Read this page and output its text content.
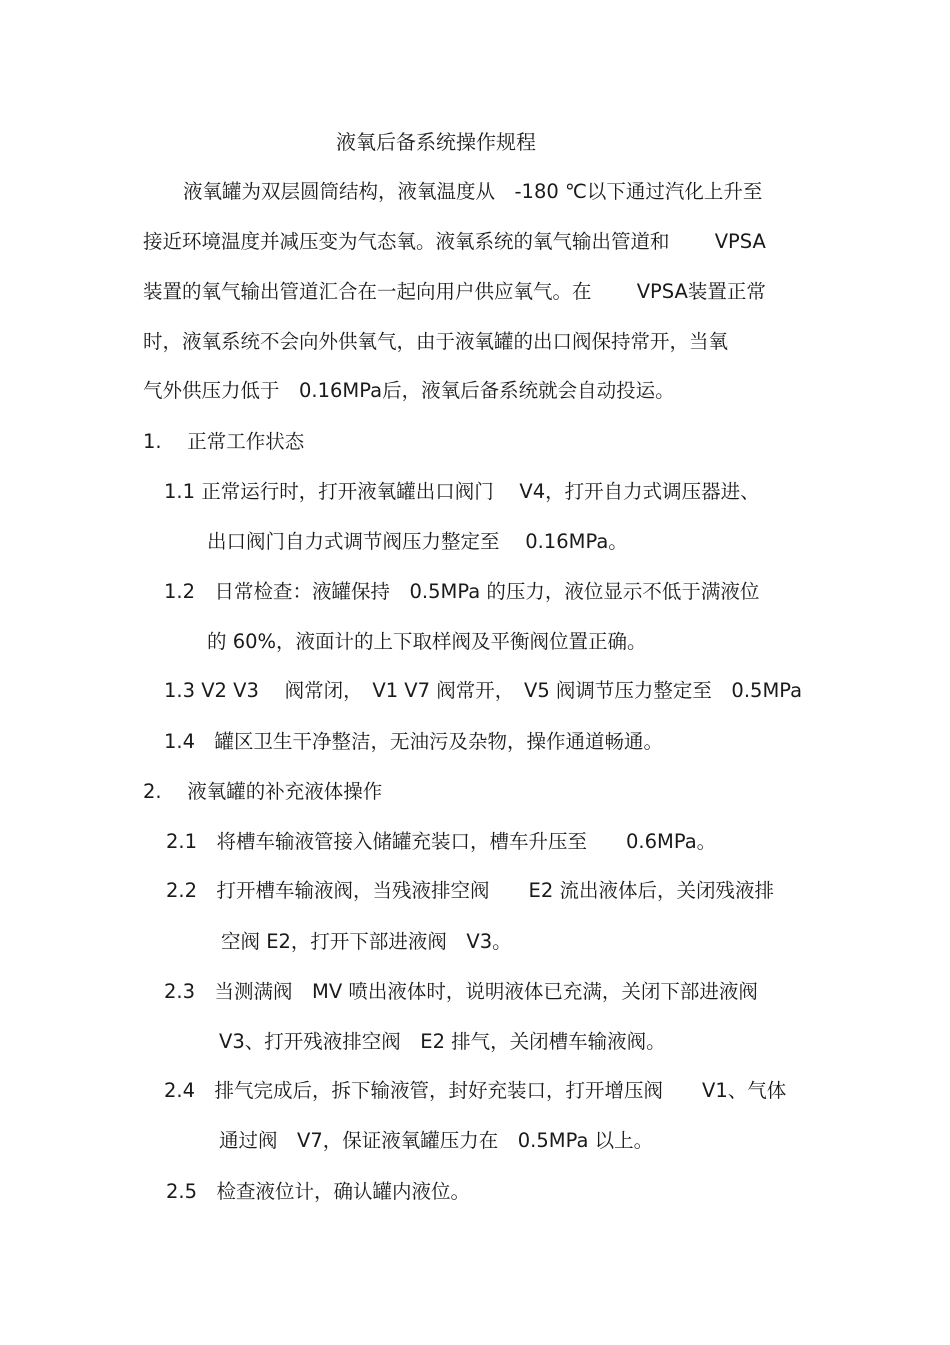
液氧后备系统操作规程
液氧罐为双层圆筒结构，液氧温度从　-180 ℃以下通过汽化上升至
接近环境温度并减压变为气态氧。液氧系统的氧气输出管道和　　 VPSA
装置的氧气输出管道汇合在一起向用户供应氧气。在　　 VPSA装置正常
时，液氧系统不会向外供氧气，由于液氧罐的出口阀保持常开，当氧
气外供压力低于　0.16MPa后，液氧后备系统就会自动投运。
1.　 正常工作状态
1.1 正常运行时，打开液氧罐出口阀门　 V4，打开自力式调压器进、
出口阀门自力式调节阀压力整定至　 0.16MPa。
1.2　日常检查：液罐保持　0.5MPa 的压力，液位显示不低于满液位
的 60%，液面计的上下取样阀及平衡阀位置正确。
1.3 V2 V3　 阀常闭，　V1 V7 阀常开，　V5 阀调节压力整定至　0.5MPa
1.4　罐区卫生干净整洁，无油污及杂物，操作通道畅通。
2.　 液氧罐的补充液体操作
2.1　将槽车输液管接入储罐充装口，槽车升压至　　0.6MPa。
2.2　打开槽车输液阀，当残液排空阀　　E2 流出液体后，关闭残液排
空阀 E2，打开下部进液阀　V3。
2.3　当测满阀　MV 喷出液体时，说明液体已充满，关闭下部进液阀
V3、打开残液排空阀　E2 排气，关闭槽车输液阀。
2.4　排气完成后，拆下输液管，封好充装口，打开增压阀　　V1、气体
通过阀　V7，保证液氧罐压力在　0.5MPa 以上。
2.5　检查液位计，确认罐内液位。
